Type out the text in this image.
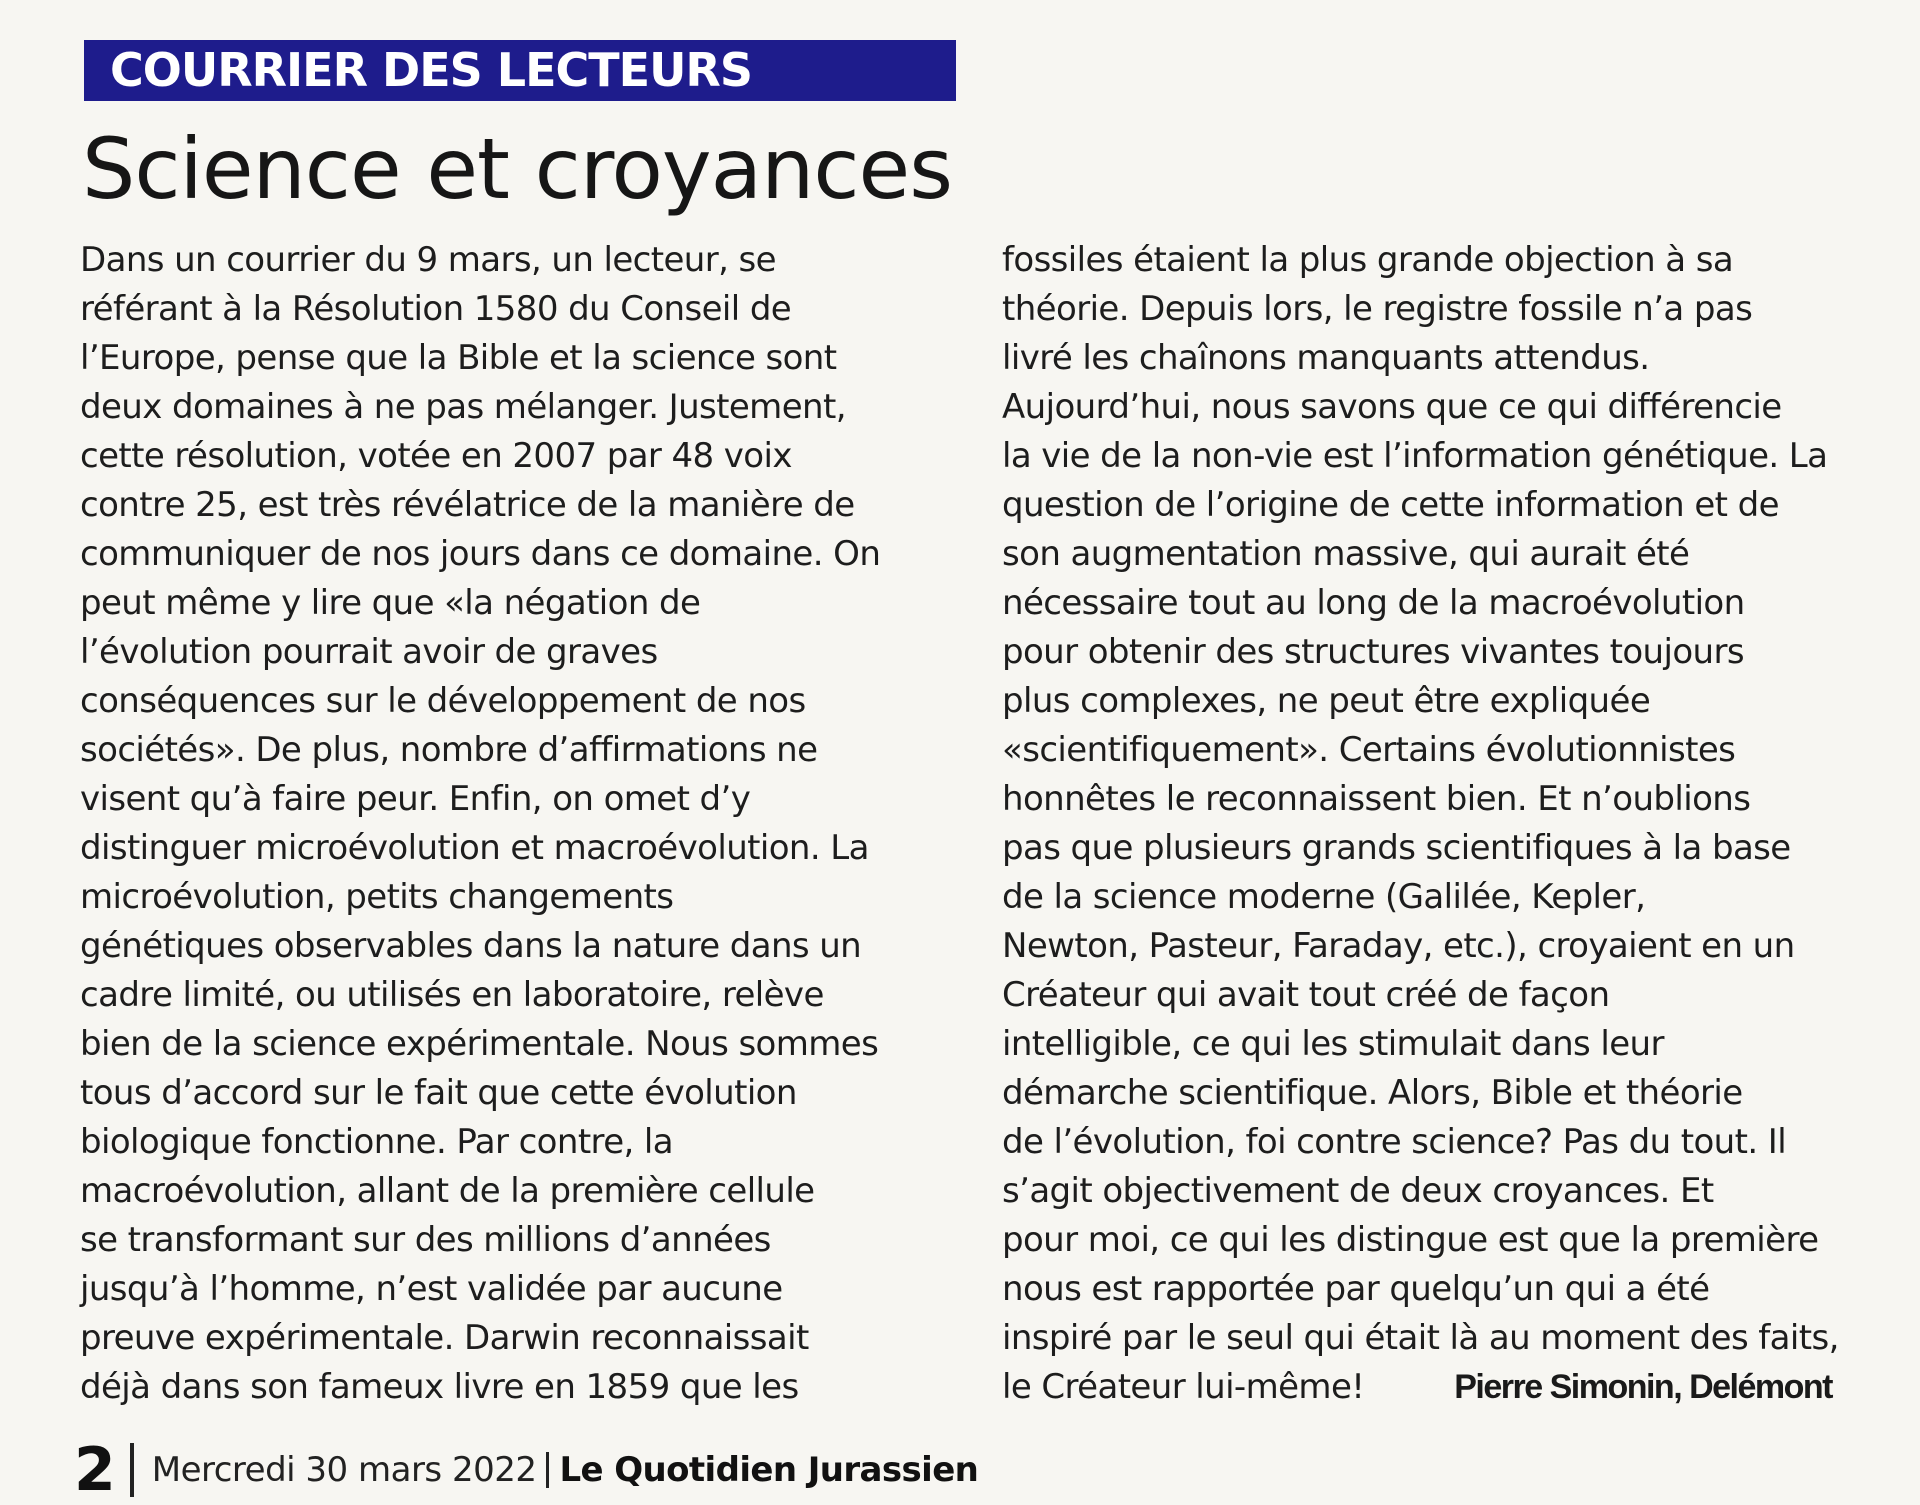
COURRIER DES LECTEURS
Science et croyances
Dans un courrier du 9 mars, un lecteur, se
référant à la Résolution 1580 du Conseil de
l’Europe, pense que la Bible et la science sont
deux domaines à ne pas mélanger. Justement,
cette résolution, votée en 2007 par 48 voix
contre 25, est très révélatrice de la manière de
communiquer de nos jours dans ce domaine. On
peut même y lire que «la négation de
l’évolution pourrait avoir de graves
conséquences sur le développement de nos
sociétés». De plus, nombre d’affirmations ne
visent qu’à faire peur. Enfin, on omet d’y
distinguer microévolution et macroévolution. La
microévolution, petits changements
génétiques observables dans la nature dans un
cadre limité, ou utilisés en laboratoire, relève
bien de la science expérimentale. Nous sommes
tous d’accord sur le fait que cette évolution
biologique fonctionne. Par contre, la
macroévolution, allant de la première cellule
se transformant sur des millions d’années
jusqu’à l’homme, n’est validée par aucune
preuve expérimentale. Darwin reconnaissait
déjà dans son fameux livre en 1859 que les
fossiles étaient la plus grande objection à sa
théorie. Depuis lors, le registre fossile n’a pas
livré les chaînons manquants attendus.
Aujourd’hui, nous savons que ce qui différencie
la vie de la non-vie est l’information génétique. La
question de l’origine de cette information et de
son augmentation massive, qui aurait été
nécessaire tout au long de la macroévolution
pour obtenir des structures vivantes toujours
plus complexes, ne peut être expliquée
«scientifiquement». Certains évolutionnistes
honnêtes le reconnaissent bien. Et n’oublions
pas que plusieurs grands scientifiques à la base
de la science moderne (Galilée, Kepler,
Newton, Pasteur, Faraday, etc.), croyaient en un
Créateur qui avait tout créé de façon
intelligible, ce qui les stimulait dans leur
démarche scientifique. Alors, Bible et théorie
de l’évolution, foi contre science? Pas du tout. Il
s’agit objectivement de deux croyances. Et
pour moi, ce qui les distingue est que la première
nous est rapportée par quelqu’un qui a été
inspiré par le seul qui était là au moment des faits,
le Créateur lui-même!	Pierre Simonin, Delémont
2 Mercredi 30 mars 2022 Le Quotidien Jurassien
